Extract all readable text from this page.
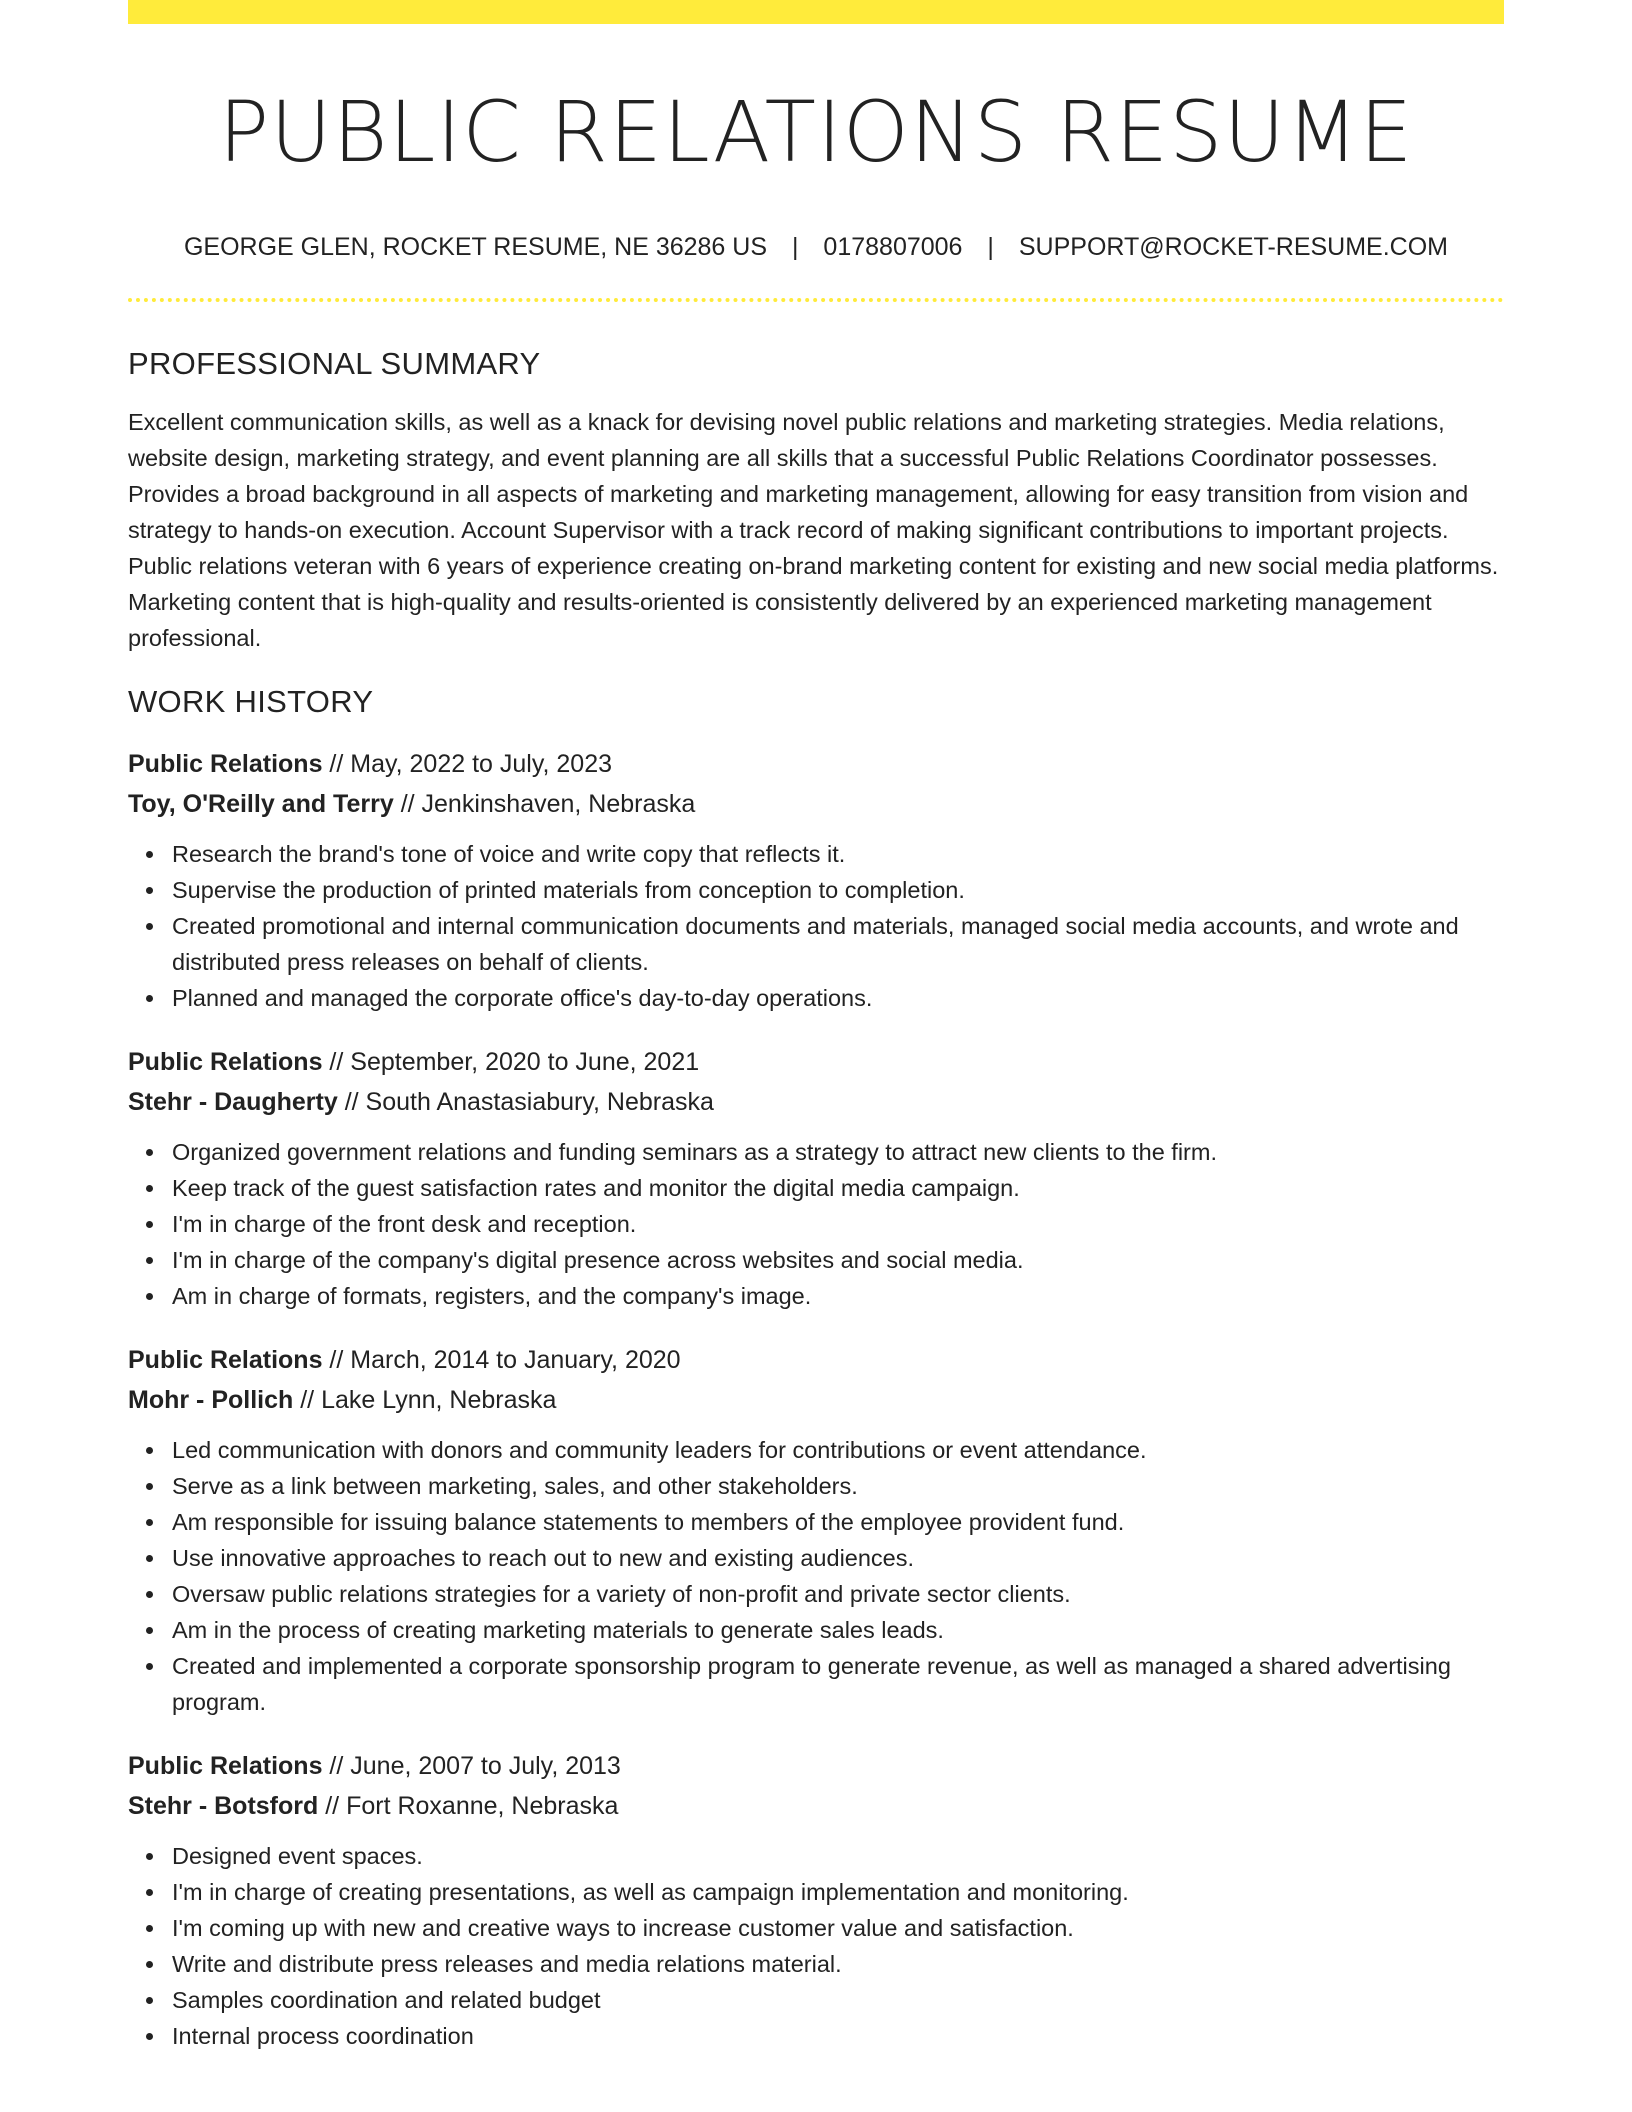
PUBLIC RELATIONS RESUME
GEORGE GLEN, ROCKET RESUME, NE 36286 US | 0178807006 | SUPPORT@ROCKET-RESUME.COM
PROFESSIONAL SUMMARY

Excellent communication skills, as well as a knack for devising novel public relations and marketing strategies. Media relations, website design, marketing strategy, and event planning are all skills that a successful Public Relations Coordinator possesses. Provides a broad background in all aspects of marketing and marketing management, allowing for easy transition from vision and strategy to hands-on execution. Account Supervisor with a track record of making significant contributions to important projects. Public relations veteran with 6 years of experience creating on-brand marketing content for existing and new social media platforms. Marketing content that is high-quality and results-oriented is consistently delivered by an experienced marketing management professional.

WORK HISTORY
Public Relations // May, 2022 to July, 2023
Toy, O'Reilly and Terry // Jenkinshaven, Nebraska
Research the brand's tone of voice and write copy that reflects it.
Supervise the production of printed materials from conception to completion.
Created promotional and internal communication documents and materials, managed social media accounts, and wrote and distributed press releases on behalf of clients.
Planned and managed the corporate office's day-to-day operations.
Public Relations // September, 2020 to June, 2021
Stehr - Daugherty // South Anastasiabury, Nebraska
Organized government relations and funding seminars as a strategy to attract new clients to the firm.
Keep track of the guest satisfaction rates and monitor the digital media campaign.
I'm in charge of the front desk and reception.
I'm in charge of the company's digital presence across websites and social media.
Am in charge of formats, registers, and the company's image.
Public Relations // March, 2014 to January, 2020
Mohr - Pollich // Lake Lynn, Nebraska
Led communication with donors and community leaders for contributions or event attendance.
Serve as a link between marketing, sales, and other stakeholders.
Am responsible for issuing balance statements to members of the employee provident fund.
Use innovative approaches to reach out to new and existing audiences.
Oversaw public relations strategies for a variety of non-profit and private sector clients.
Am in the process of creating marketing materials to generate sales leads.
Created and implemented a corporate sponsorship program to generate revenue, as well as managed a shared advertising program.
Public Relations // June, 2007 to July, 2013
Stehr - Botsford // Fort Roxanne, Nebraska
Designed event spaces.
I'm in charge of creating presentations, as well as campaign implementation and monitoring.
I'm coming up with new and creative ways to increase customer value and satisfaction.
Write and distribute press releases and media relations material.
Samples coordination and related budget
Internal process coordination
